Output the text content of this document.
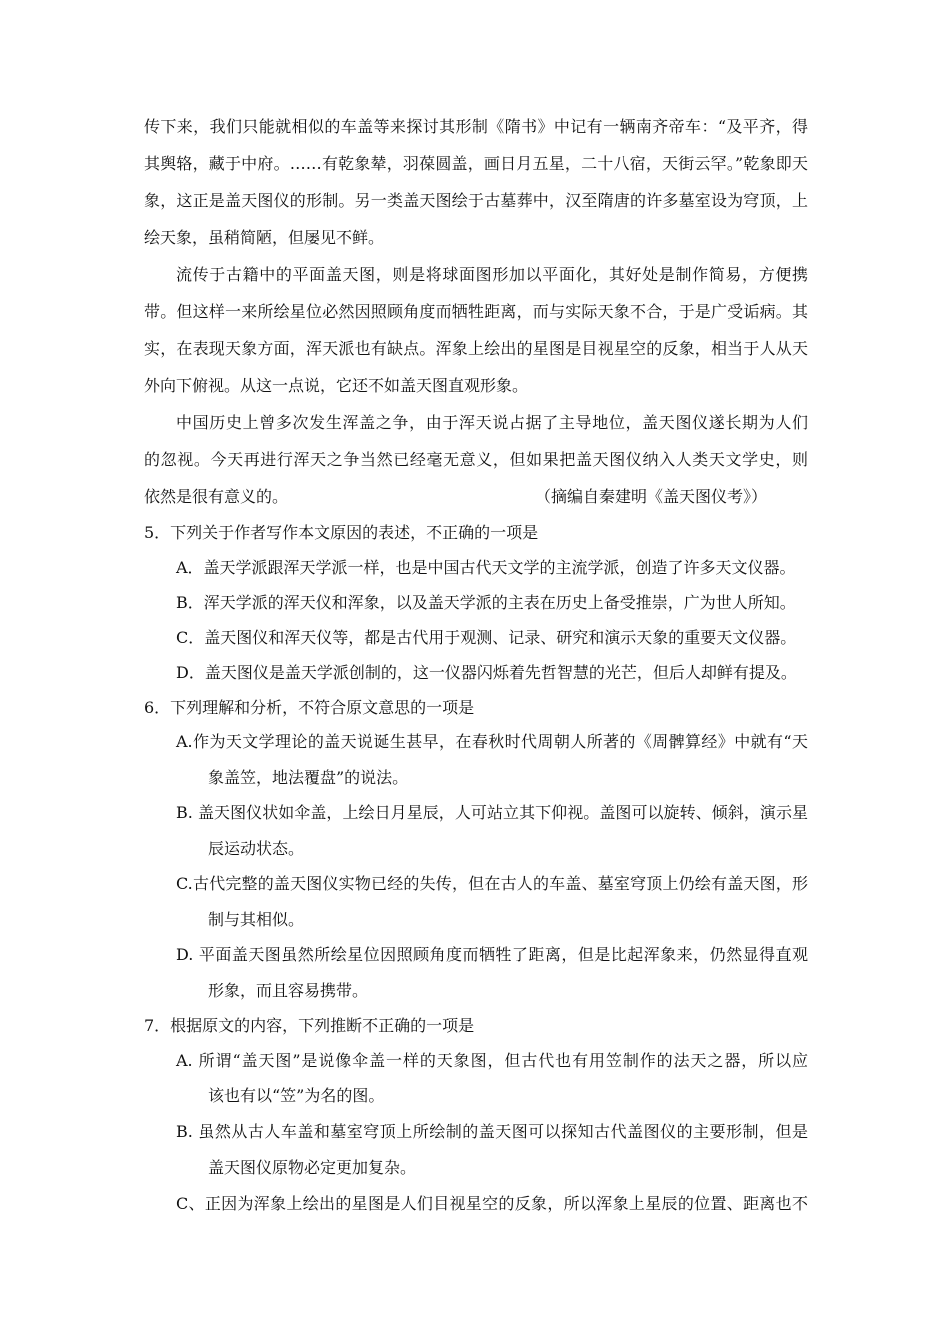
传下来，我们只能就相似的车盖等来探讨其形制《隋书》中记有一辆南齐帝车：“及平齐，得
其舆辂，藏于中府。……有乾象辇，羽葆圆盖，画日月五星，二十八宿，天街云罕。”乾象即天
象，这正是盖天图仪的形制。另一类盖天图绘于古墓葬中，汉至隋唐的许多墓室设为穹顶，上
绘天象，虽稍简陋，但屡见不鲜。
流传于古籍中的平面盖天图，则是将球面图形加以平面化，其好处是制作简易，方便携
带。但这样一来所绘星位必然因照顾角度而牺牲距离，而与实际天象不合，于是广受诟病。其
实，在表现天象方面，浑天派也有缺点。浑象上绘出的星图是目视星空的反象，相当于人从天
外向下俯视。从这一点说，它还不如盖天图直观形象。
中国历史上曾多次发生浑盖之争，由于浑天说占据了主导地位，盖天图仪遂长期为人们
的忽视。今天再进行浑天之争当然已经毫无意义，但如果把盖天图仪纳入人类天文学史，则
依然是很有意义的。	（摘编自秦建明《盖天图仪考》）
5．下列关于作者写作本文原因的表述，不正确的一项是
A．盖天学派跟浑天学派一样，也是中国古代天文学的主流学派，创造了许多天文仪器。
B．浑天学派的浑天仪和浑象，以及盖天学派的主表在历史上备受推崇，广为世人所知。
C．盖天图仪和浑天仪等，都是古代用于观测、记录、研究和演示天象的重要天文仪器。
D．盖天图仪是盖天学派创制的，这一仪器闪烁着先哲智慧的光芒，但后人却鲜有提及。
6．下列理解和分析，不符合原文意思的一项是
A.作为天文学理论的盖天说诞生甚早，在春秋时代周朝人所著的《周髀算经》中就有“天
象盖笠，地法覆盘”的说法。
B. 盖天图仪状如伞盖，上绘日月星辰，人可站立其下仰视。盖图可以旋转、倾斜，演示星
辰运动状态。
C.古代完整的盖天图仪实物已经的失传，但在古人的车盖、墓室穹顶上仍绘有盖天图，形
制与其相似。
D. 平面盖天图虽然所绘星位因照顾角度而牺牲了距离，但是比起浑象来，仍然显得直观
形象，而且容易携带。
7．根据原文的内容，下列推断不正确的一项是
A. 所谓“盖天图”是说像伞盖一样的天象图，但古代也有用笠制作的法天之器，所以应
该也有以“笠”为名的图。
B. 虽然从古人车盖和墓室穹顶上所绘制的盖天图可以探知古代盖图仪的主要形制，但是
盖天图仪原物必定更加复杂。
C、正因为浑象上绘出的星图是人们目视星空的反象，所以浑象上星辰的位置、距离也不
